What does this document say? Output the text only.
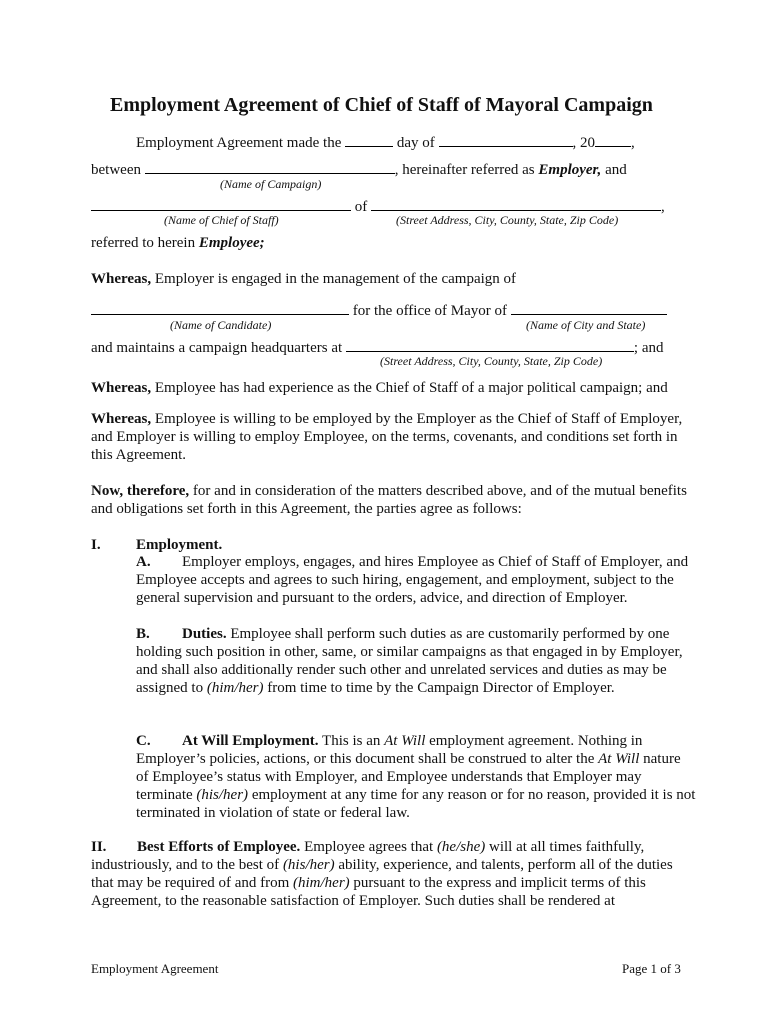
Employment Agreement of Chief of Staff of Mayoral Campaign
Employment Agreement made the	day of	, 20 ,
between	, hereinafter referred as Employer, and
(Name of Campaign)
of	,
(Name of Chief of Staff)	(Street Address, City, County, State, Zip Code)
referred to herein Employee;
Whereas, Employer is engaged in the management of the campaign of
for the office of Mayor of
(Name of Candidate)	(Name of City and State)
and maintains a campaign headquarters at	; and
(Street Address, City, County, State, Zip Code)
Whereas, Employee has had experience as the Chief of Staff of a major political campaign; and
Whereas, Employee is willing to be employed by the Employer as the Chief of Staff of Employer, and Employer is willing to employ Employee, on the terms, covenants, and conditions set forth in this Agreement.
Now, therefore, for and in consideration of the matters described above, and of the mutual benefits and obligations set forth in this Agreement, the parties agree as follows:
I. Employment.
A. Employer employs, engages, and hires Employee as Chief of Staff of Employer, and Employee accepts and agrees to such hiring, engagement, and employment, subject to the general supervision and pursuant to the orders, advice, and direction of Employer.
B. Duties. Employee shall perform such duties as are customarily performed by one holding such position in other, same, or similar campaigns as that engaged in by Employer, and shall also additionally render such other and unrelated services and duties as may be assigned to (him/her) from time to time by the Campaign Director of Employer.
C. At Will Employment. This is an At Will employment agreement. Nothing in Employer’s policies, actions, or this document shall be construed to alter the At Will nature of Employee’s status with Employer, and Employee understands that Employer may terminate (his/her) employment at any time for any reason or for no reason, provided it is not terminated in violation of state or federal law.
II. Best Efforts of Employee. Employee agrees that (he/she) will at all times faithfully, industriously, and to the best of (his/her) ability, experience, and talents, perform all of the duties that may be required of and from (him/her) pursuant to the express and implicit terms of this Agreement, to the reasonable satisfaction of Employer. Such duties shall be rendered at
Employment Agreement	Page 1 of 3
